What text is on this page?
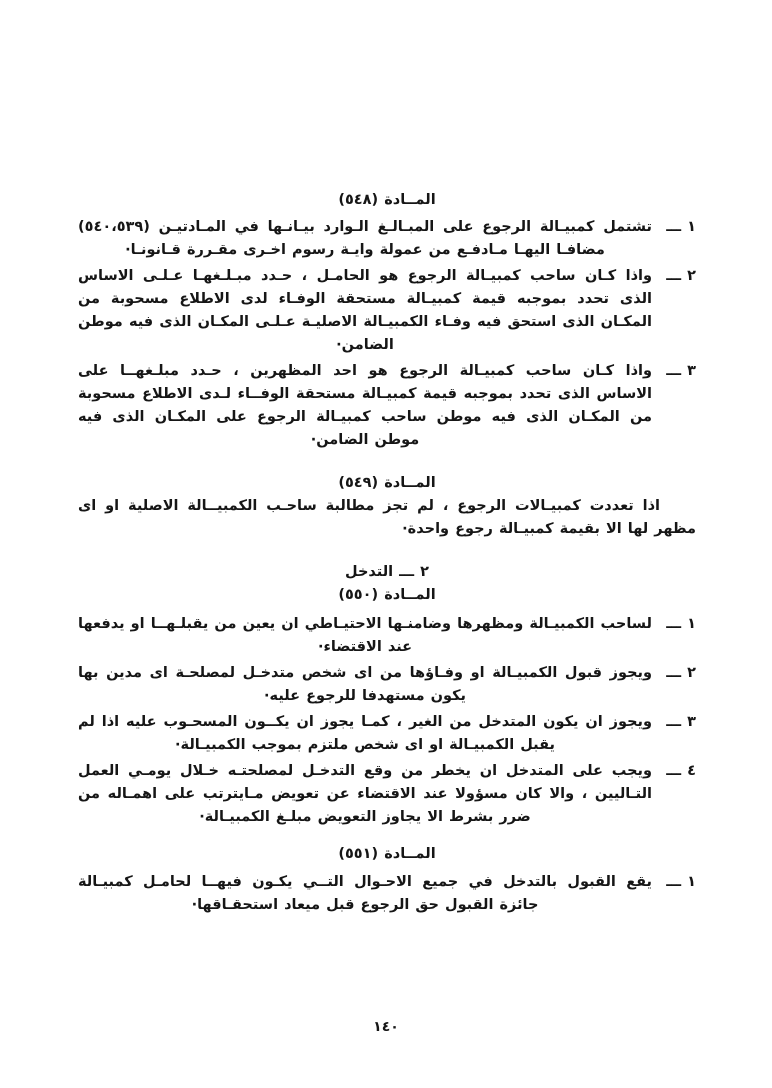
المــادة (٥٤٨)
١ ـــ
تشتمل كمبيـالة الرجوع على المبـالـغ الـوارد بيـانـها في المـادتيـن (٥٤٠،٥٣٩) مضافـا اليهـا مـادفـع من عمولة وايـة رسوم اخـرى مقـررة قـانونـا·
٢ ـــ
واذا كـان ساحب كمبيـالة الرجوع هو الحامـل ، حـدد مبـلـغهـا عـلـى الاساس الذى تحدد بموجبه قيمة كمبيـالة مستحقة الوفـاء لدى الاطلاع مسحوبة من المكـان الذى استحق فيه وفـاء الكمبيـالة الاصليـة عـلـى المكـان الذى فيه موطن الضامن·
٣ ـــ
واذا كـان ساحب كمبيـالة الرجوع هو احد المظهرين ، حـدد مبلـغهــا على الاساس الذى تحدد بموجبه قيمة كمبيـالة مستحقة الوفــاء لـدى الاطلاع مسحوبة من المكـان الذى فيه موطن ساحب كمبيـالة الرجوع على المكـان الذى فيه موطن الضامن·
المــادة (٥٤٩)
اذا تعددت كمبيـالات الرجوع ، لم تجز مطالبة ساحـب الكمبيــالة الاصلية او اى مظهر لها الا بقيمة كمبيـالة رجوع واحدة·
٢ ـــ التدخل
المــادة (٥٥٠)
١ ـــ
لساحب الكمبيـالة ومظهرها وضامنـها الاحتيـاطي ان يعين من يقبلـهــا او يدفعها عند الاقتضاء·
٢ ـــ
ويجوز قبول الكمبيـالة او وفـاؤها من اى شخص متدخـل لمصلحـة اى مدين بها يكون مستهدفا للرجوع عليه·
٣ ـــ
ويجوز ان يكون المتدخل من الغير ، كمـا يجوز ان يكــون المسحـوب عليه اذا لم يقبل الكمبيـالة او اى شخص ملتزم بموجب الكمبيـالة·
٤ ـــ
ويجب على المتدخل ان يخطر من وقع التدخـل لمصلحتـه خـلال يومـي العمل التـاليين ، والا كان مسؤولا عند الاقتضاء عن تعويض مـايترتب على اهمـاله من ضرر بشرط الا يجاوز التعويض مبلـغ الكمبيـالة·
المــادة (٥٥١)
١ ـــ
يقع القبول بالتدخل في جميع الاحـوال التــي يكـون فيهــا لحامـل كمبيـالة جائزة القبول حق الرجوع قبل ميعاد استحقـاقها·
١٤٠
